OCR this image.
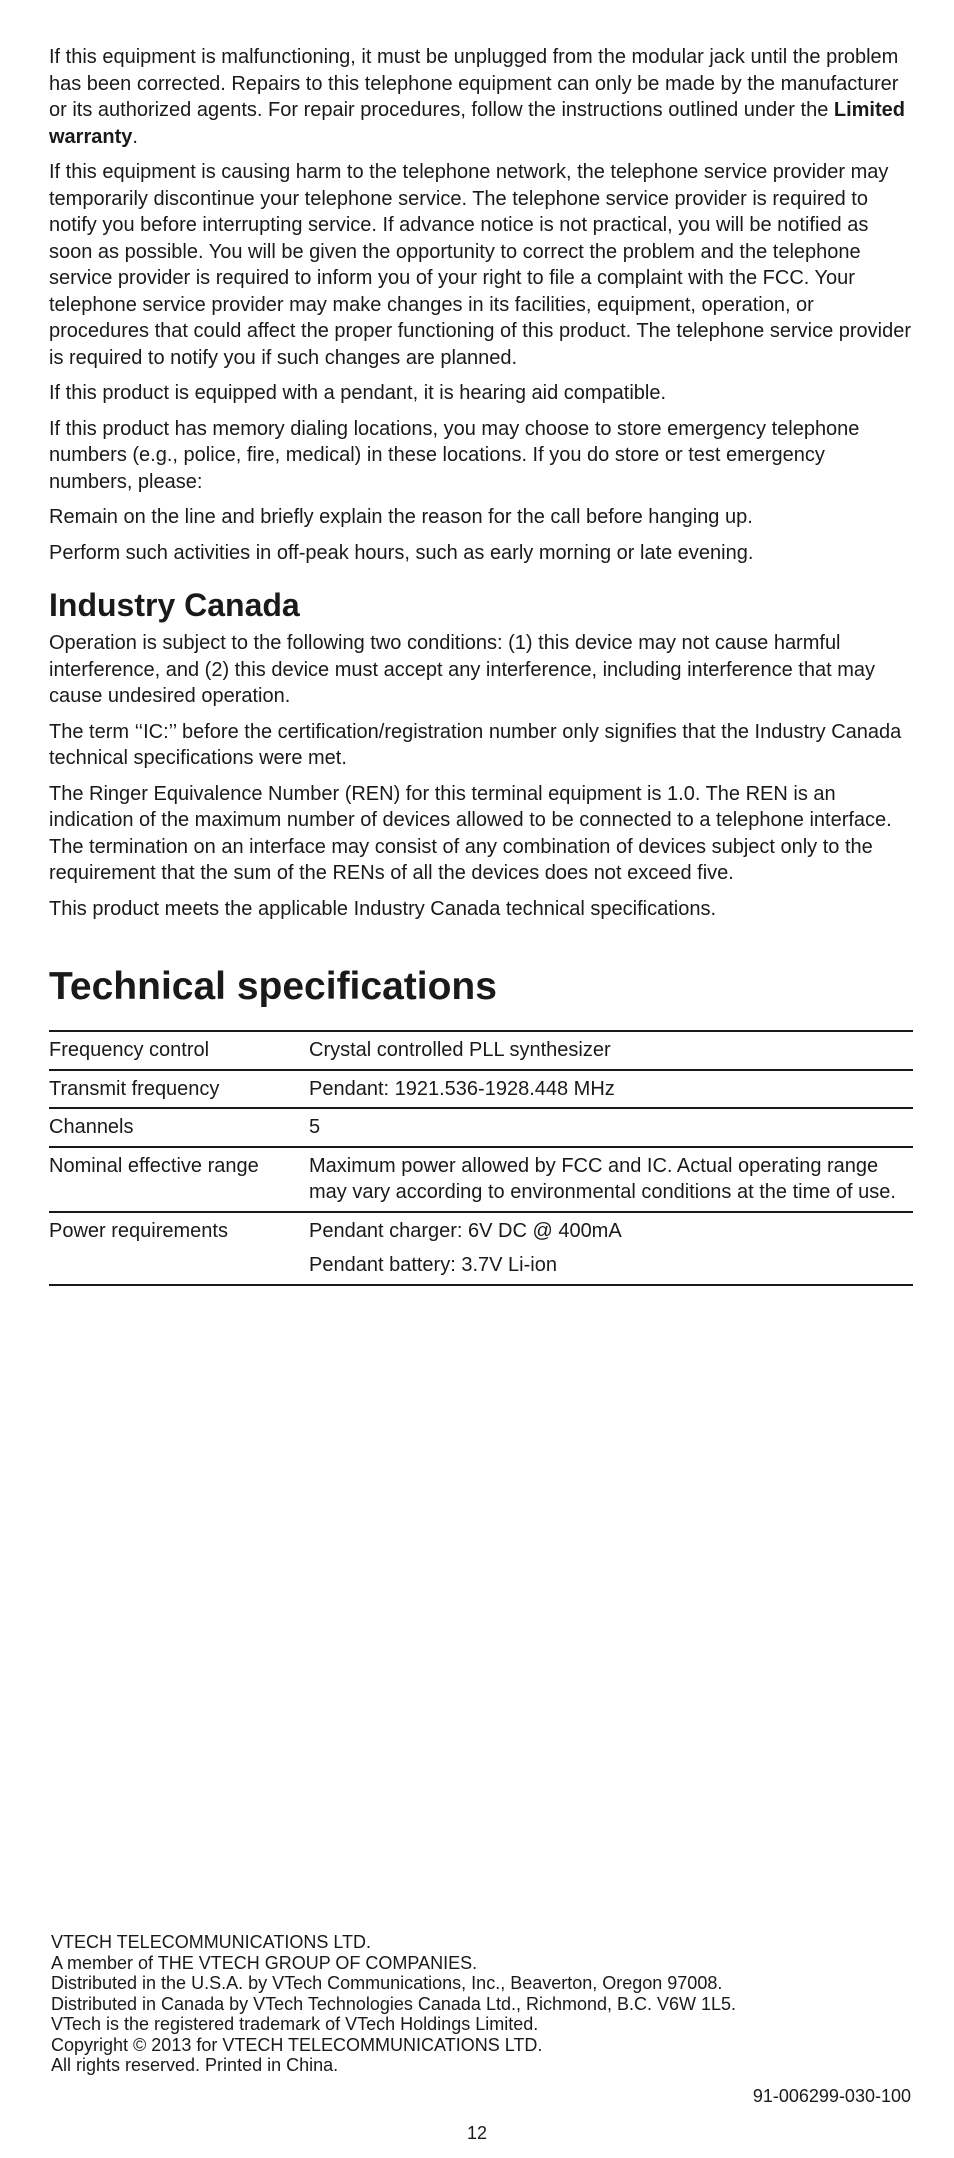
If this equipment is malfunctioning, it must be unplugged from the modular jack until the problem has been corrected. Repairs to this telephone equipment can only be made by the manufacturer or its authorized agents. For repair procedures, follow the instructions outlined under the Limited warranty.

If this equipment is causing harm to the telephone network, the telephone service provider may temporarily discontinue your telephone service. The telephone service provider is required to notify you before interrupting service. If advance notice is not practical, you will be notified as soon as possible. You will be given the opportunity to correct the problem and the telephone service provider is required to inform you of your right to file a complaint with the FCC. Your telephone service provider may make changes in its facilities, equipment, operation, or procedures that could affect the proper functioning of this product. The telephone service provider is required to notify you if such changes are planned.

If this product is equipped with a pendant, it is hearing aid compatible.

If this product has memory dialing locations, you may choose to store emergency telephone numbers (e.g., police, fire, medical) in these locations. If you do store or test emergency numbers, please:

Remain on the line and briefly explain the reason for the call before hanging up.

Perform such activities in off-peak hours, such as early morning or late evening.

Industry Canada

Operation is subject to the following two conditions: (1) this device may not cause harmful interference, and (2) this device must accept any interference, including interference that may cause undesired operation.

The term ‘‘IC:’’ before the certification/registration number only signifies that the Industry Canada technical specifications were met.

The Ringer Equivalence Number (REN) for this terminal equipment is 1.0. The REN is an indication of the maximum number of devices allowed to be connected to a telephone interface. The termination on an interface may consist of any combination of devices subject only to the requirement that the sum of the RENs of all the devices does not exceed five.

This product meets the applicable Industry Canada technical specifications.

Technical specifications
Frequency control	Crystal controlled PLL synthesizer

Transmit frequency	Pendant: 1921.536-1928.448 MHz

Channels	5

Nominal effective range	Maximum power allowed by FCC and IC. Actual operating range may vary according to environmental conditions at the time of use.

Power requirements	Pendant charger: 6V DC @ 400mA
Pendant battery: 3.7V Li-ion
VTECH TELECOMMUNICATIONS LTD.
A member of THE VTECH GROUP OF COMPANIES.
Distributed in the U.S.A. by VTech Communications, Inc., Beaverton, Oregon 97008.
Distributed in Canada by VTech Technologies Canada Ltd., Richmond, B.C. V6W 1L5.
VTech is the registered trademark of VTech Holdings Limited.
Copyright © 2013 for VTECH TELECOMMUNICATIONS LTD.
All rights reserved. Printed in China.
91-006299-030-100
12
